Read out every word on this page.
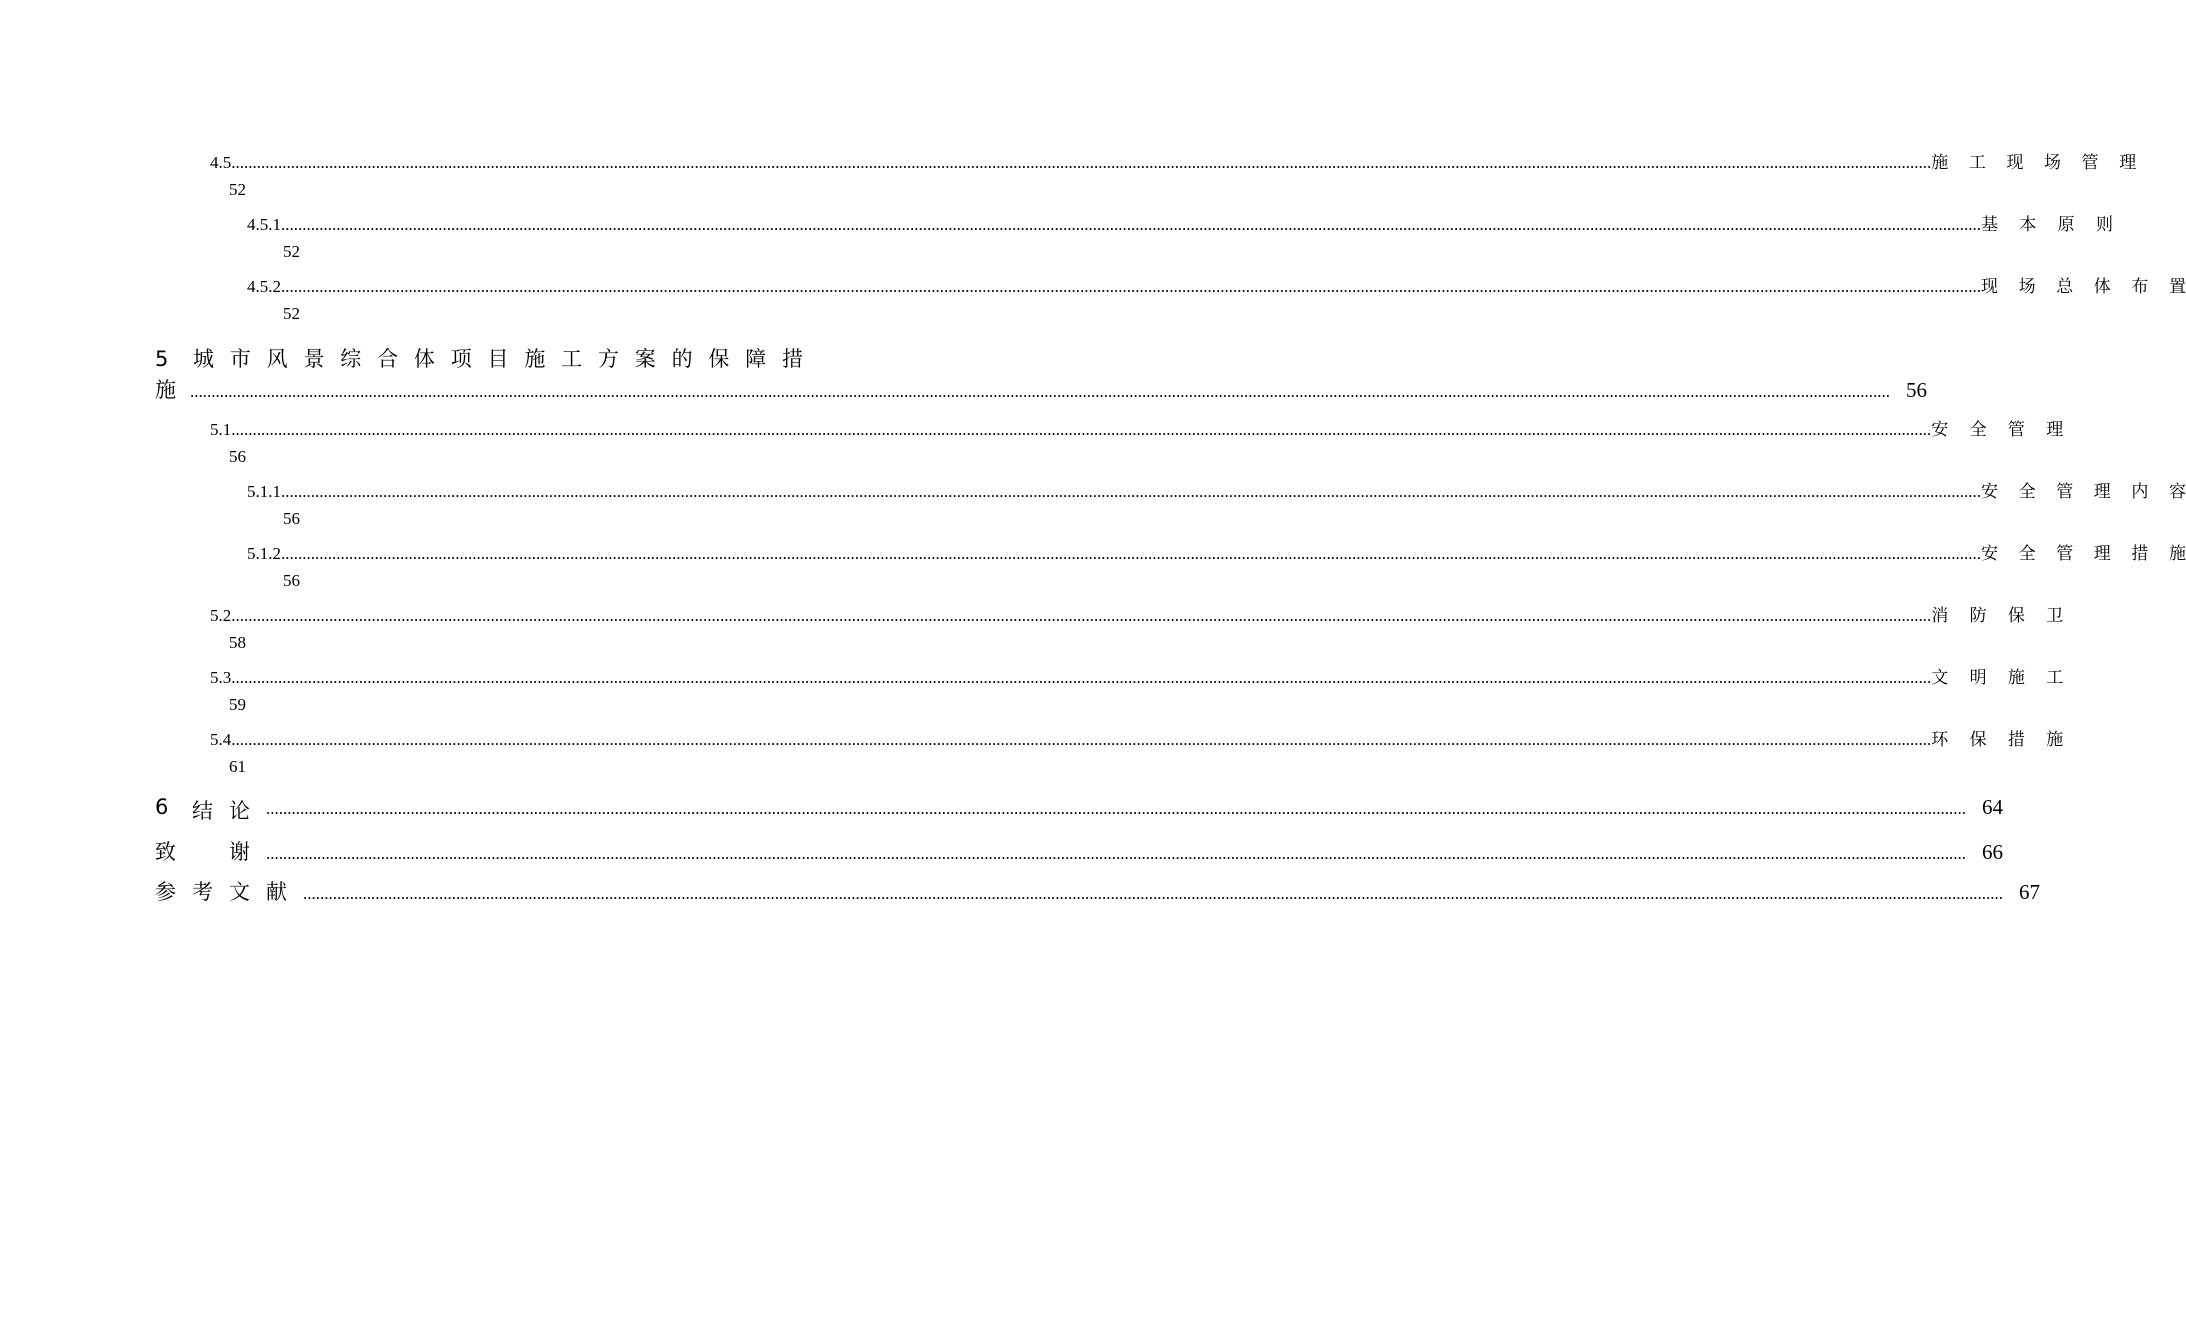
4.5 ................................................................................................................................................................................................................................................................................................................................................................................................................ 施 工 现 场 管 理
52
4.5.1 ................................................................................................................................................................................................................................................................................................................................................................................................................ 基 本 原 则
52
4.5.2 ................................................................................................................................................................................................................................................................................................................................................................................................................ 现 场 总 体 布 置
52
5	城 市 风 景 综 合 体 项 目 施 工 方 案 的 保 障 措
施 ................................................................................................................................................................................................................................................................................................................................................................................................................ 56
5.1 ................................................................................................................................................................................................................................................................................................................................................................................................................ 安 全 管 理
56
5.1.1 ................................................................................................................................................................................................................................................................................................................................................................................................................ 安 全 管 理 内 容
56
5.1.2 ................................................................................................................................................................................................................................................................................................................................................................................................................ 安 全 管 理 措 施
56
5.2 ................................................................................................................................................................................................................................................................................................................................................................................................................ 消 防 保 卫
58
5.3 ................................................................................................................................................................................................................................................................................................................................................................................................................ 文 明 施 工
59
5.4 ................................................................................................................................................................................................................................................................................................................................................................................................................ 环 保 措 施
61
6 结 论 ................................................................................................................................................................................................................................................................................................................................................................................................................ 64
致	谢 ................................................................................................................................................................................................................................................................................................................................................................................................................ 66
参 考 文 献 ................................................................................................................................................................................................................................................................................................................................................................................................................ 67
